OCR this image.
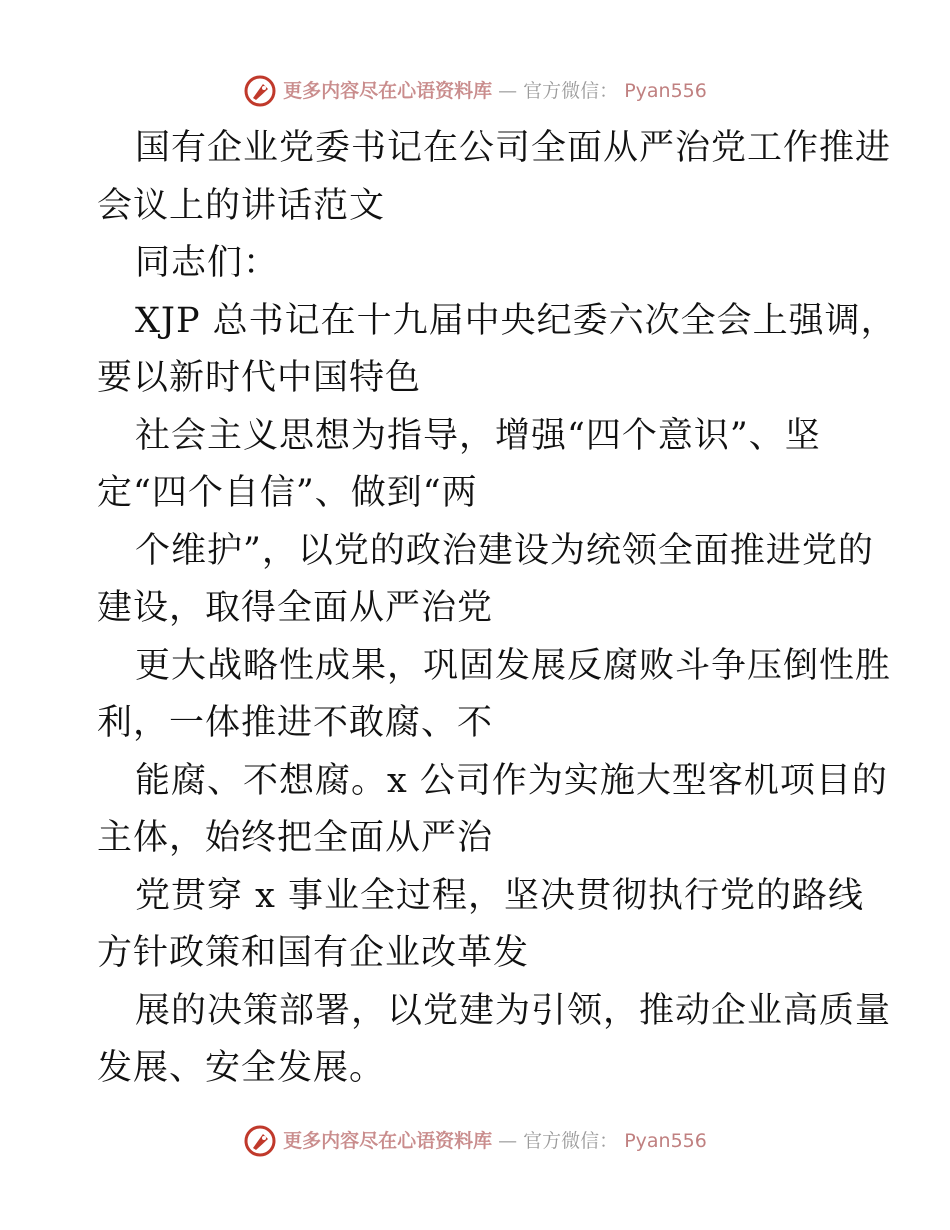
更多内容尽在心语资料库 — 官方微信： Pyan556
国有企业党委书记在公司全面从严治党工作推进
会议上的讲话范文
同志们：
XJP 总书记在十九届中央纪委六次全会上强调，
要以新时代中国特色
社会主义思想为指导，增强“四个意识”、坚
定“四个自信”、做到“两
个维护”，以党的政治建设为统领全面推进党的
建设，取得全面从严治党
更大战略性成果，巩固发展反腐败斗争压倒性胜
利，一体推进不敢腐、不
能腐、不想腐。x 公司作为实施大型客机项目的
主体，始终把全面从严治
党贯穿 x 事业全过程，坚决贯彻执行党的路线
方针政策和国有企业改革发
展的决策部署，以党建为引领，推动企业高质量
发展、安全发展。
更多内容尽在心语资料库 — 官方微信： Pyan556
